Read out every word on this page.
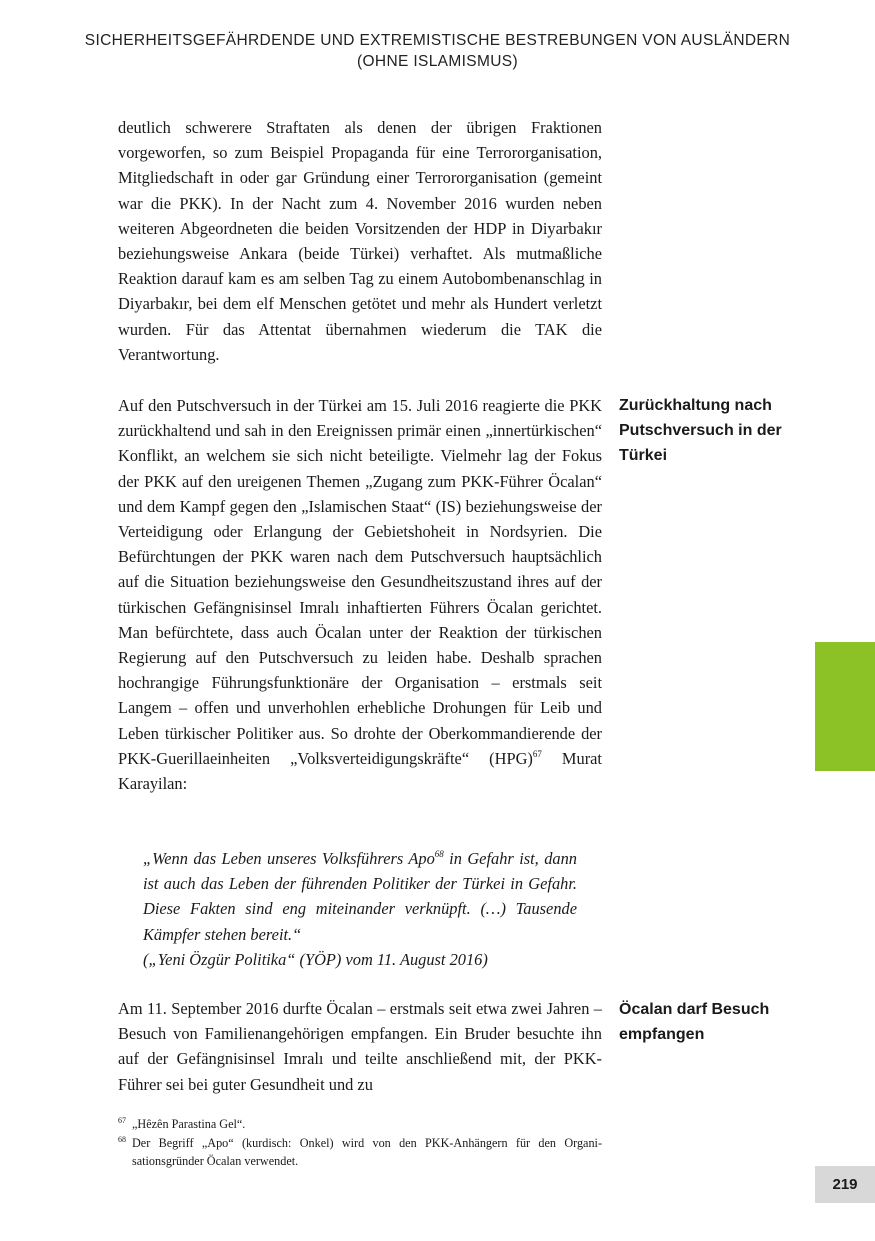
SICHERHEITSGEFÄHRDENDE UND EXTREMISTISCHE BESTREBUNGEN VON AUSLÄNDERN
(OHNE ISLAMISMUS)

deutlich schwerere Straftaten als denen der übrigen Fraktionen vorgeworfen, so zum Beispiel Propaganda für eine Terrororganisation, Mitgliedschaft in oder gar Gründung einer Terrororganisation (gemeint war die PKK). In der Nacht zum 4. November 2016 wurden neben weiteren Abgeordneten die beiden Vorsitzenden der HDP in Diyarbakır beziehungsweise Ankara (beide Türkei) verhaftet. Als mutmaßliche Reaktion darauf kam es am selben Tag zu einem Autobombenanschlag in Diyarbakır, bei dem elf Menschen getötet und mehr als Hundert verletzt wurden. Für das Attentat übernahmen wiederum die TAK die Verantwortung.

Auf den Putschversuch in der Türkei am 15. Juli 2016 reagierte die PKK zurückhaltend und sah in den Ereignissen primär einen „innertürkischen“ Konflikt, an welchem sie sich nicht beteiligte. Vielmehr lag der Fokus der PKK auf den ureigenen Themen „Zugang zum PKK-Führer Öcalan“ und dem Kampf gegen den „Islamischen Staat“ (IS) beziehungsweise der Verteidigung oder Erlangung der Gebietshoheit in Nordsyrien. Die Befürchtungen der PKK waren nach dem Putschversuch hauptsächlich auf die Situation beziehungsweise den Gesundheitszustand ihres auf der türkischen Gefängnisinsel Imralı inhaftierten Führers Öcalan gerichtet. Man befürchtete, dass auch Öcalan unter der Reaktion der türkischen Regierung auf den Putschversuch zu leiden habe. Deshalb sprachen hochrangige Führungsfunktionäre der Organisation – erstmals seit Langem – offen und unverhohlen erhebliche Drohungen für Leib und Leben türkischer Politiker aus. So drohte der Oberkommandierende der PKK-Guerillaeinheiten „Volksverteidigungskräfte“ (HPG)$^{67}$ Murat Karayilan:

„Wenn das Leben unseres Volksführers Apo$^{68}$ in Gefahr ist, dann ist auch das Leben der führenden Politiker der Türkei in Gefahr. Diese Fakten sind eng miteinander verknüpft. (…) Tausende Kämpfer stehen bereit.“

(„Yeni Özgür Politika“ (YÖP) vom 11. August 2016)

Am 11. September 2016 durfte Öcalan – erstmals seit etwa zwei Jahren – Besuch von Familienangehörigen empfangen. Ein Bruder besuchte ihn auf der Gefängnisinsel Imralı und teilte anschließend mit, der PKK-Führer sei bei guter Gesundheit und zu

Zurückhaltung nach Putschversuch in der Türkei
Öcalan darf Besuch empfangen
67 „Hêzên Parastina Gel“.
68 Der Begriff „Apo“ (kurdisch: Onkel) wird von den PKK-Anhängern für den Organisationsgründer Öcalan verwendet.
219
